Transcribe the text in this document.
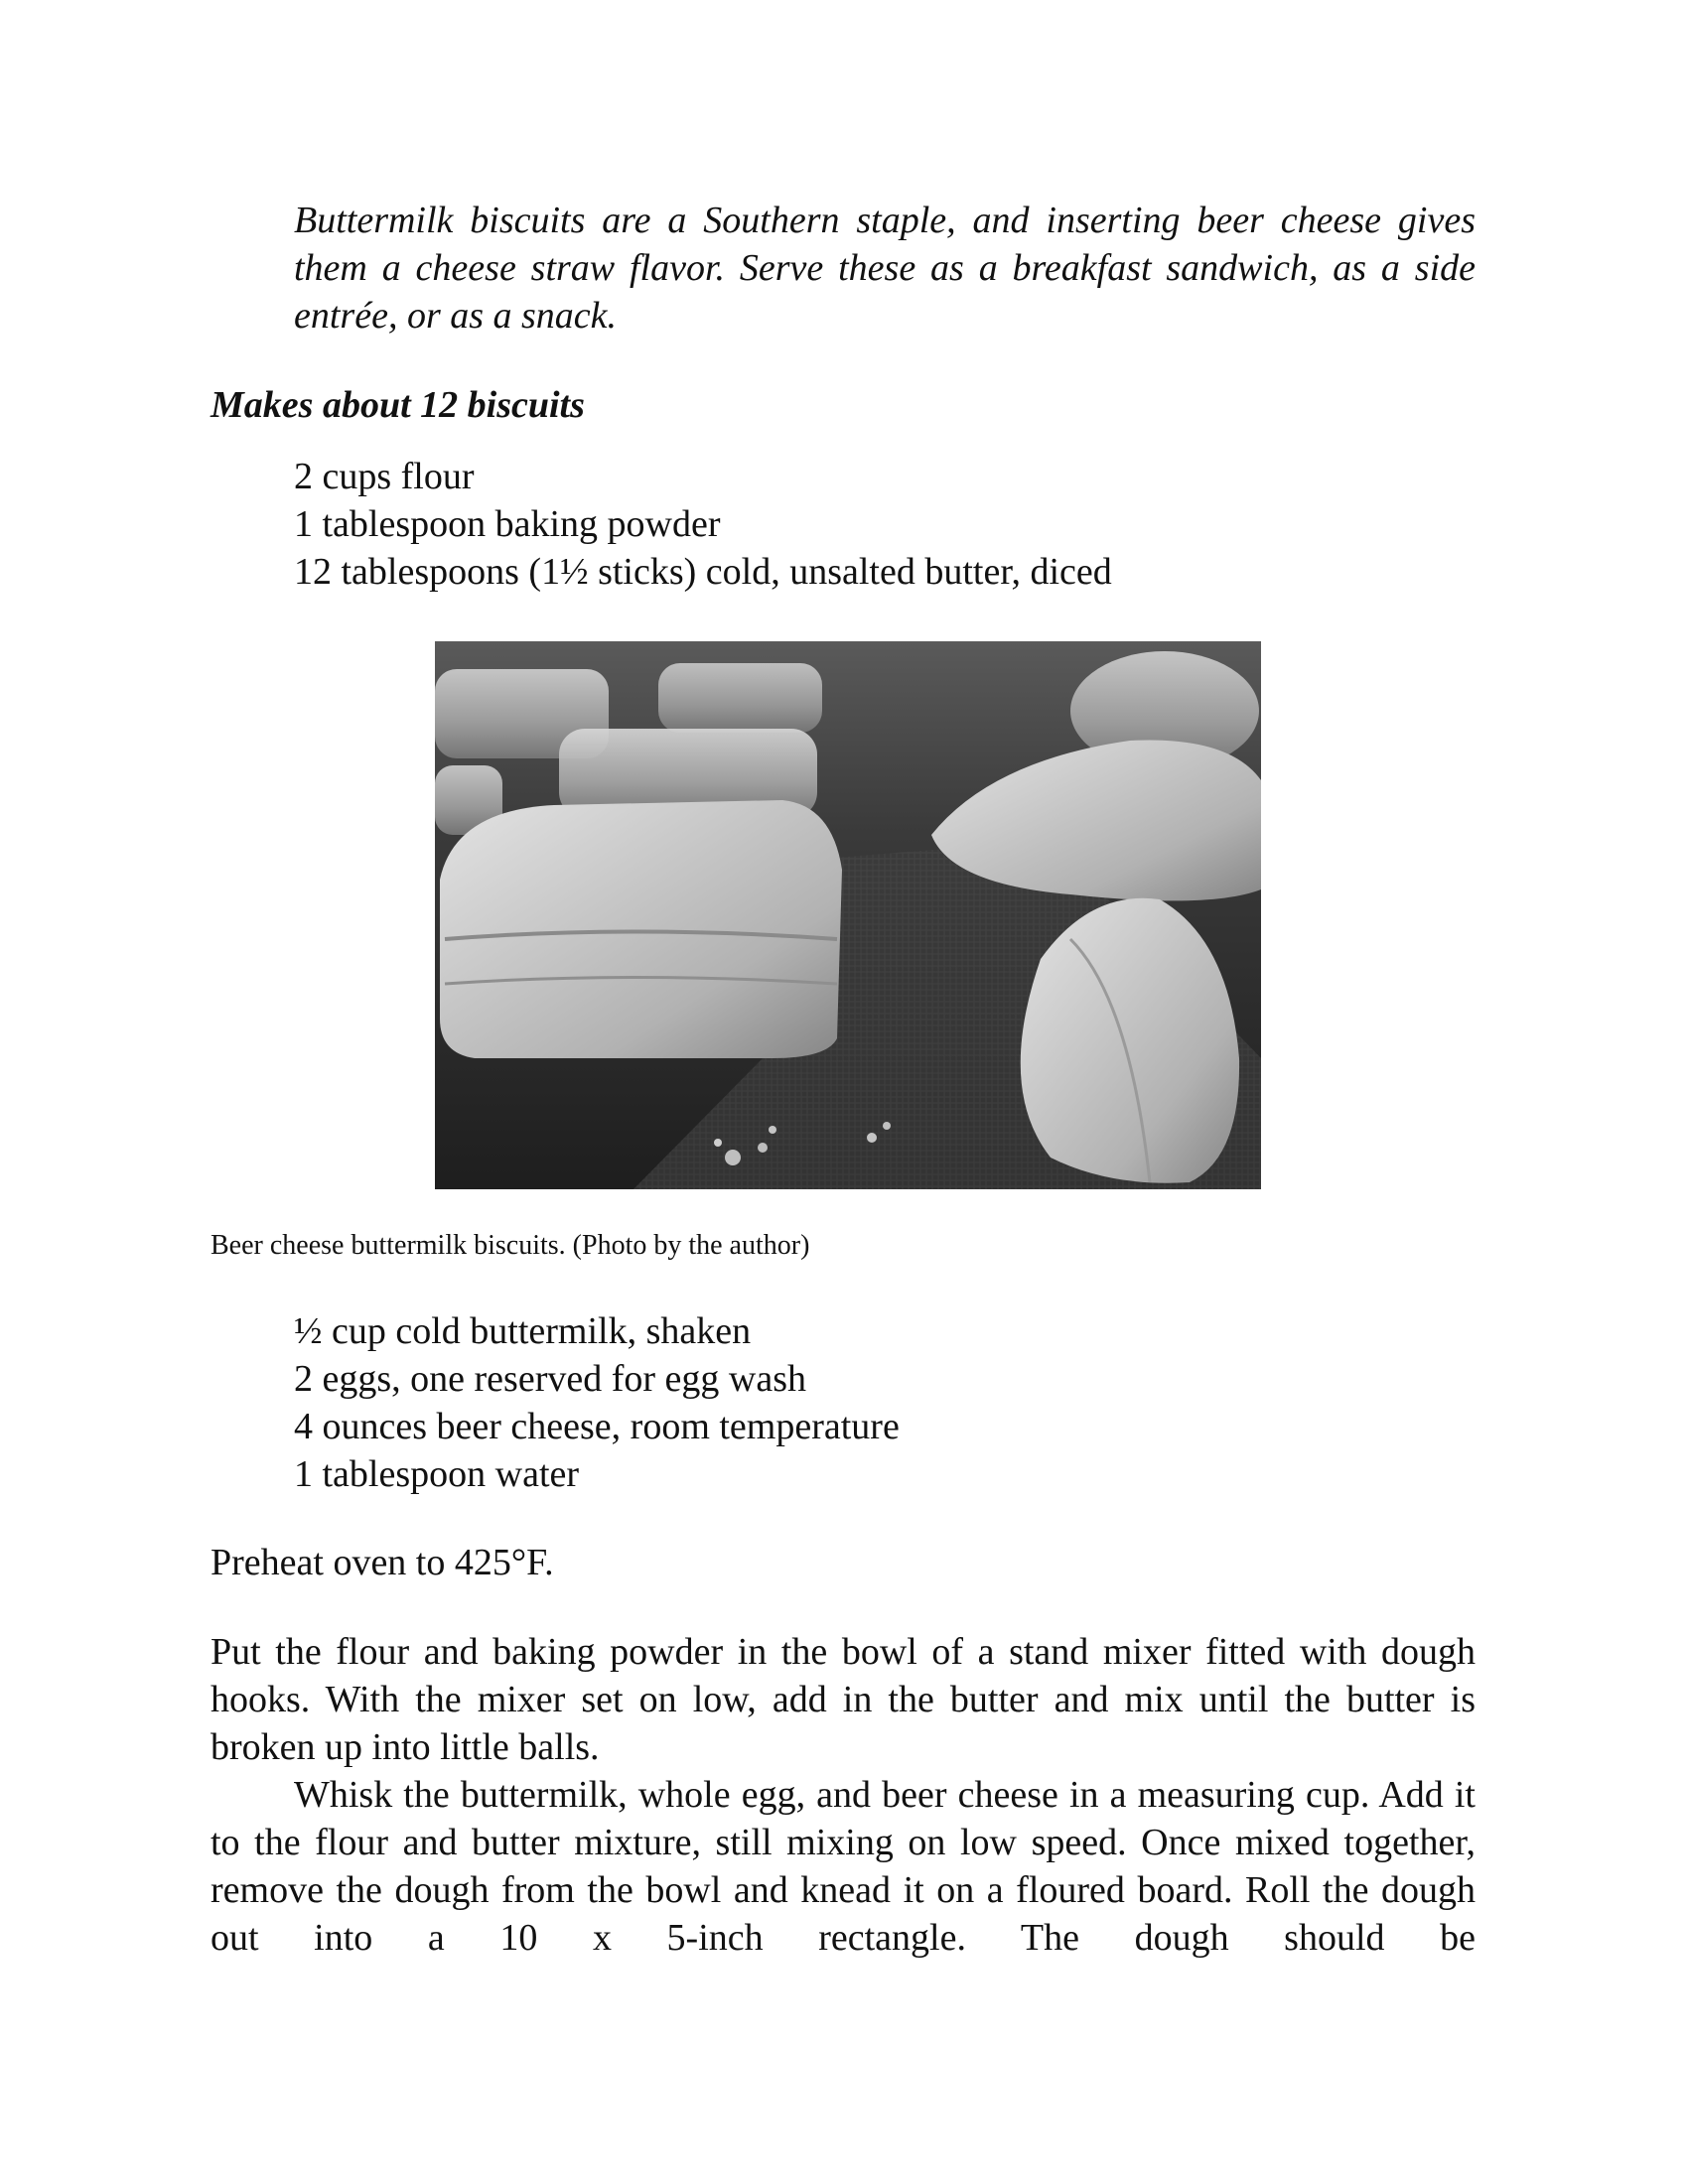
Buttermilk biscuits are a Southern staple, and inserting beer cheese gives them a cheese straw flavor. Serve these as a breakfast sandwich, as a side entrée, or as a snack.

Makes about 12 biscuits

2 cups flour
1 tablespoon baking powder
12 tablespoons (1½ sticks) cold, unsalted butter, diced

Beer cheese buttermilk biscuits. (Photo by the author)

½ cup cold buttermilk, shaken
2 eggs, one reserved for egg wash
4 ounces beer cheese, room temperature
1 tablespoon water

Preheat oven to 425°F.

Put the flour and baking powder in the bowl of a stand mixer fitted with dough hooks. With the mixer set on low, add in the butter and mix until the butter is broken up into little balls.

Whisk the buttermilk, whole egg, and beer cheese in a measuring cup. Add it to the flour and butter mixture, still mixing on low speed. Once mixed together, remove the dough from the bowl and knead it on a floured board. Roll the dough out into a 10 x 5-inch rectangle. The dough should be
